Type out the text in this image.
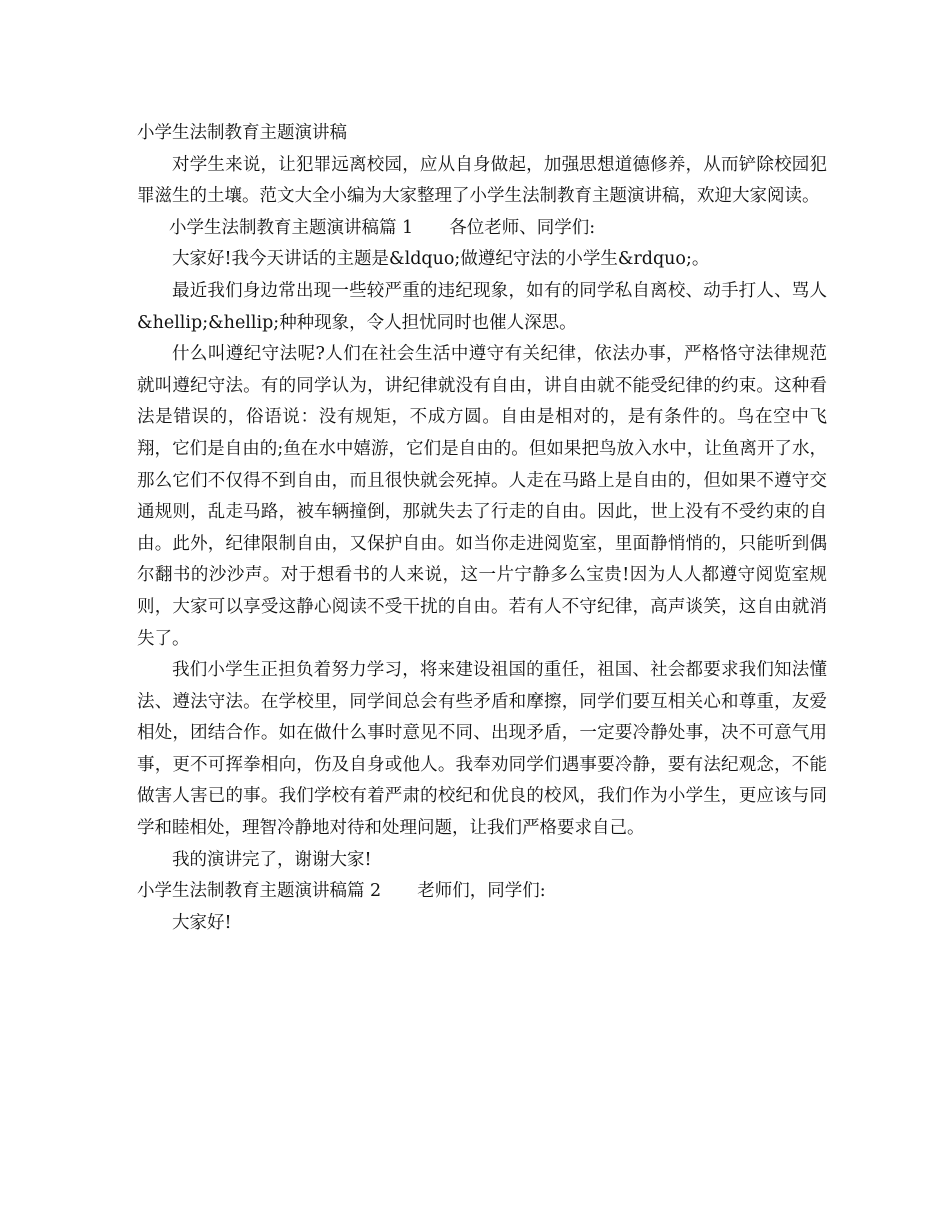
小学生法制教育主题演讲稿

对学生来说，让犯罪远离校园，应从自身做起，加强思想道德修养，从而铲除校园犯罪滋生的土壤。范文大全小编为大家整理了小学生法制教育主题演讲稿，欢迎大家阅读。

小学生法制教育主题演讲稿篇 1 各位老师、同学们:

大家好!我今天讲话的主题是&ldquo;做遵纪守法的小学生&rdquo;。

最近我们身边常出现一些较严重的违纪现象，如有的同学私自离校、动手打人、骂人&hellip;&hellip;种种现象，令人担忧同时也催人深思。

什么叫遵纪守法呢?人们在社会生活中遵守有关纪律，依法办事，严格恪守法律规范就叫遵纪守法。有的同学认为，讲纪律就没有自由，讲自由就不能受纪律的约束。这种看法是错误的，俗语说：没有规矩，不成方圆。自由是相对的，是有条件的。鸟在空中飞翔，它们是自由的;鱼在水中嬉游，它们是自由的。但如果把鸟放入水中，让鱼离开了水，那么它们不仅得不到自由，而且很快就会死掉。人走在马路上是自由的，但如果不遵守交通规则，乱走马路，被车辆撞倒，那就失去了行走的自由。因此，世上没有不受约束的自由。此外，纪律限制自由，又保护自由。如当你走进阅览室，里面静悄悄的，只能听到偶尔翻书的沙沙声。对于想看书的人来说，这一片宁静多么宝贵!因为人人都遵守阅览室规则，大家可以享受这静心阅读不受干扰的自由。若有人不守纪律，高声谈笑，这自由就消失了。

我们小学生正担负着努力学习，将来建设祖国的重任，祖国、社会都要求我们知法懂法、遵法守法。在学校里，同学间总会有些矛盾和摩擦，同学们要互相关心和尊重，友爱相处，团结合作。如在做什么事时意见不同、出现矛盾，一定要冷静处事，决不可意气用事，更不可挥拳相向，伤及自身或他人。我奉劝同学们遇事要冷静，要有法纪观念，不能做害人害已的事。我们学校有着严肃的校纪和优良的校风，我们作为小学生，更应该与同学和睦相处，理智冷静地对待和处理问题，让我们严格要求自己。

我的演讲完了，谢谢大家!

小学生法制教育主题演讲稿篇 2 老师们，同学们:

大家好!
